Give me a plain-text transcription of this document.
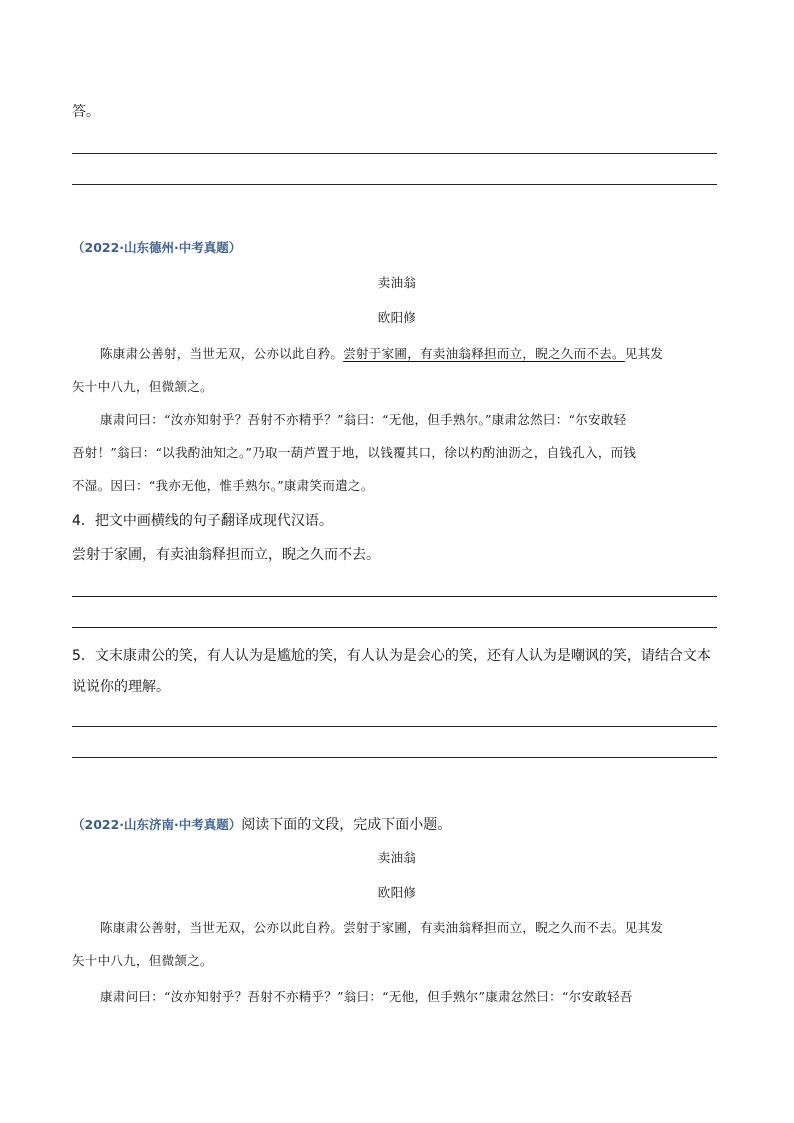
答。
（2022·山东德州·中考真题）
卖油翁
欧阳修
陈康肃公善射，当世无双，公亦以此自矜。尝射于家圃，有卖油翁释担而立，睨之久而不去。见其发
矢十中八九，但微颔之。
康肃问曰：“汝亦知射乎？吾射不亦精乎？”翁曰：“无他，但手熟尔。”康肃忿然曰：“尔安敢轻
吾射！”翁曰：“以我酌油知之。”乃取一葫芦置于地，以钱覆其口，徐以杓酌油沥之，自钱孔入，而钱
不湿。因曰：“我亦无他，惟手熟尔。”康肃笑而遣之。
4．把文中画横线的句子翻译成现代汉语。
尝射于家圃，有卖油翁释担而立，睨之久而不去。
5．文末康肃公的笑，有人认为是尴尬的笑，有人认为是会心的笑，还有人认为是嘲讽的笑，请结合文本
说说你的理解。
（2022·山东济南·中考真题）阅读下面的文段，完成下面小题。
卖油翁
欧阳修
陈康肃公善射，当世无双，公亦以此自矜。尝射于家圃，有卖油翁释担而立，睨之久而不去。见其发
矢十中八九，但微颔之。
康肃问曰：“汝亦知射乎？吾射不亦精乎？”翁曰：“无他，但手熟尔”康肃忿然曰：“尔安敢轻吾
